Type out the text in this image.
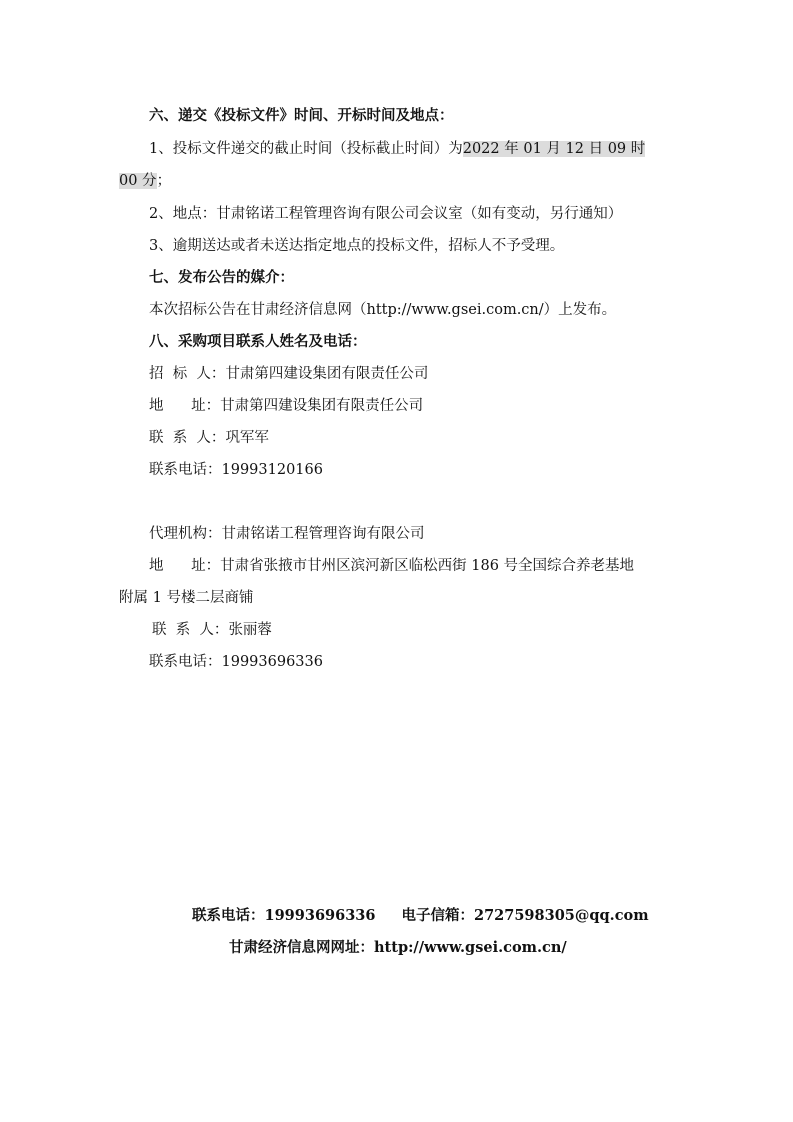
六、递交《投标文件》时间、开标时间及地点：
1、投标文件递交的截止时间（投标截止时间）为2022 年 01 月 12 日 09 时
00 分；
2、地点：甘肃铭诺工程管理咨询有限公司会议室（如有变动，另行通知）
3、逾期送达或者未送达指定地点的投标文件，招标人不予受理。
七、发布公告的媒介：
本次招标公告在甘肃经济信息网（http://www.gsei.com.cn/）上发布。
八、采购项目联系人姓名及电话：
招  标  人：甘肃第四建设集团有限责任公司
地      址：甘肃第四建设集团有限责任公司
联  系  人：巩军军
联系电话：19993120166
代理机构：甘肃铭诺工程管理咨询有限公司
地      址：甘肃省张掖市甘州区滨河新区临松西街 186 号全国综合养老基地
附属 1 号楼二层商铺
联  系  人：张丽蓉
联系电话：19993696336
联系电话：19993696336 电子信箱：2727598305@qq.com
甘肃经济信息网网址：http://www.gsei.com.cn/
